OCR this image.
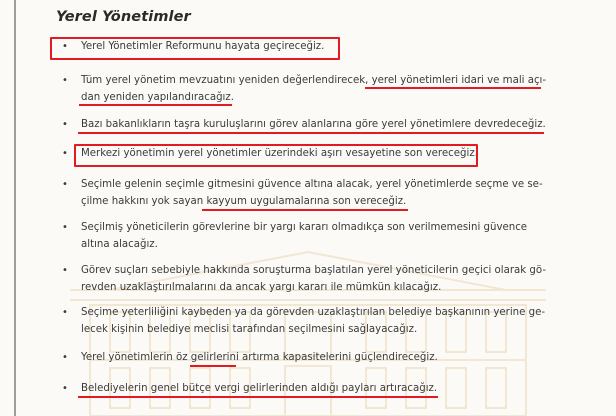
Yerel Yönetimler
• Yerel Yönetimler Reformunu hayata geçireceğiz.
• Tüm yerel yönetim mevzuatını yeniden değerlendirecek, yerel yönetimleri idari ve mali açı-
dan yeniden yapılandıracağız.
• Bazı bakanlıkların taşra kuruluşlarını görev alanlarına göre yerel yönetimlere devredeceğiz.
• Merkezi yönetimin yerel yönetimler üzerindeki aşırı vesayetine son vereceğiz.
• Seçimle gelenin seçimle gitmesini güvence altına alacak, yerel yönetimlerde seçme ve se-
çilme hakkını yok sayan kayyum uygulamalarına son vereceğiz.
• Seçilmiş yöneticilerin görevlerine bir yargı kararı olmadıkça son verilmemesini güvence
altına alacağız.
• Görev suçları sebebiyle hakkında soruşturma başlatılan yerel yöneticilerin geçici olarak gö-
revden uzaklaştırılmalarını da ancak yargı kararı ile mümkün kılacağız.
• Seçime yeterliliğini kaybeden ya da görevden uzaklaştırılan belediye başkanının yerine ge-
lecek kişinin belediye meclisi tarafından seçilmesini sağlayacağız.
• Yerel yönetimlerin öz gelirlerini artırma kapasitelerini güçlendireceğiz.
• Belediyelerin genel bütçe vergi gelirlerinden aldığı payları artıracağız.
